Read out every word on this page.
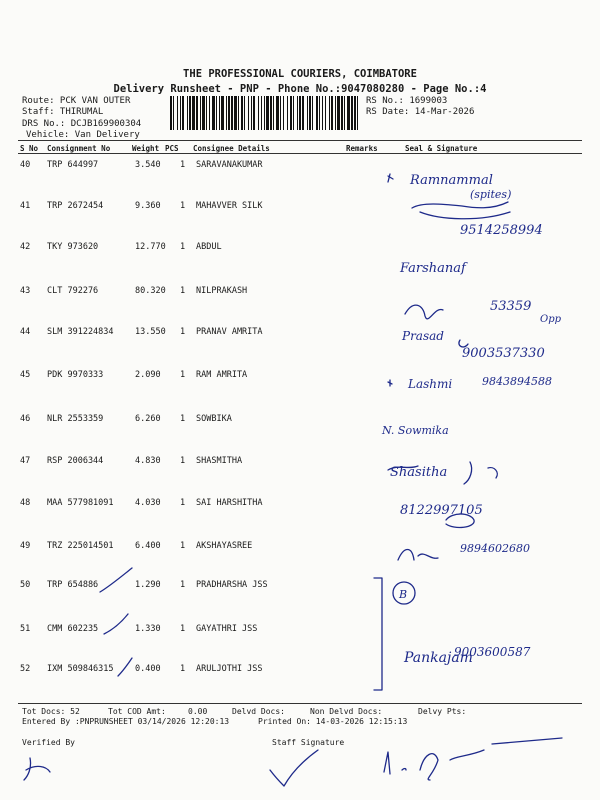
THE PROFESSIONAL COURIERS, COIMBATORE
Delivery Runsheet - PNP - Phone No.:9047080280 - Page No.:4
Route: PCK VAN OUTER
Staff: THIRUMAL
DRS No.: DCJB169900304
Vehicle: Van Delivery
RS No.: 1699003
RS Date: 14-Mar-2026
S No Consignment No	Weight PCS Consignee Details	Remarks	Seal & Signature
40 TRP 644997	3.540 1 SARAVANAKUMAR
41 TRP 2672454	9.360 1 MAHAVVER SILK
42 TKY 973620	12.770 1 ABDUL
43 CLT 792276	80.320 1 NILPRAKASH
44 SLM 391224834	13.550 1 PRANAV AMRITA
45 PDK 9970333	2.090 1 RAM AMRITA
46 NLR 2553359	6.260 1 SOWBIKA
47 RSP 2006344	4.830 1 SHASMITHA
48 MAA 577981091	4.030 1 SAI HARSHITHA
49 TRZ 225014501	6.400 1 AKSHAYASREE
50 TRP 654886	1.290 1 PRADHARSHA JSS
51 CMM 602235	1.330 1 GAYATHRI JSS
52 IXM 509846315	0.400 1 ARULJOTHI JSS
Ramnammal
(spites)
9514258994
Farshanaf
53359
Opp
Prasad
9003537330
Lashmi	9843894588
N. Sowmika
Shasitha
8122997105
9894602680
B
Pankajam
9003600587
Tot Docs: 52	Tot COD Amt:	0.00	Delvd Docs:	Non Delvd Docs:	Delvy Pts:
Entered By :PNPRUNSHEET 03/14/2026 12:20:13	Printed On: 14-03-2026 12:15:13
Verified By	Staff Signature
